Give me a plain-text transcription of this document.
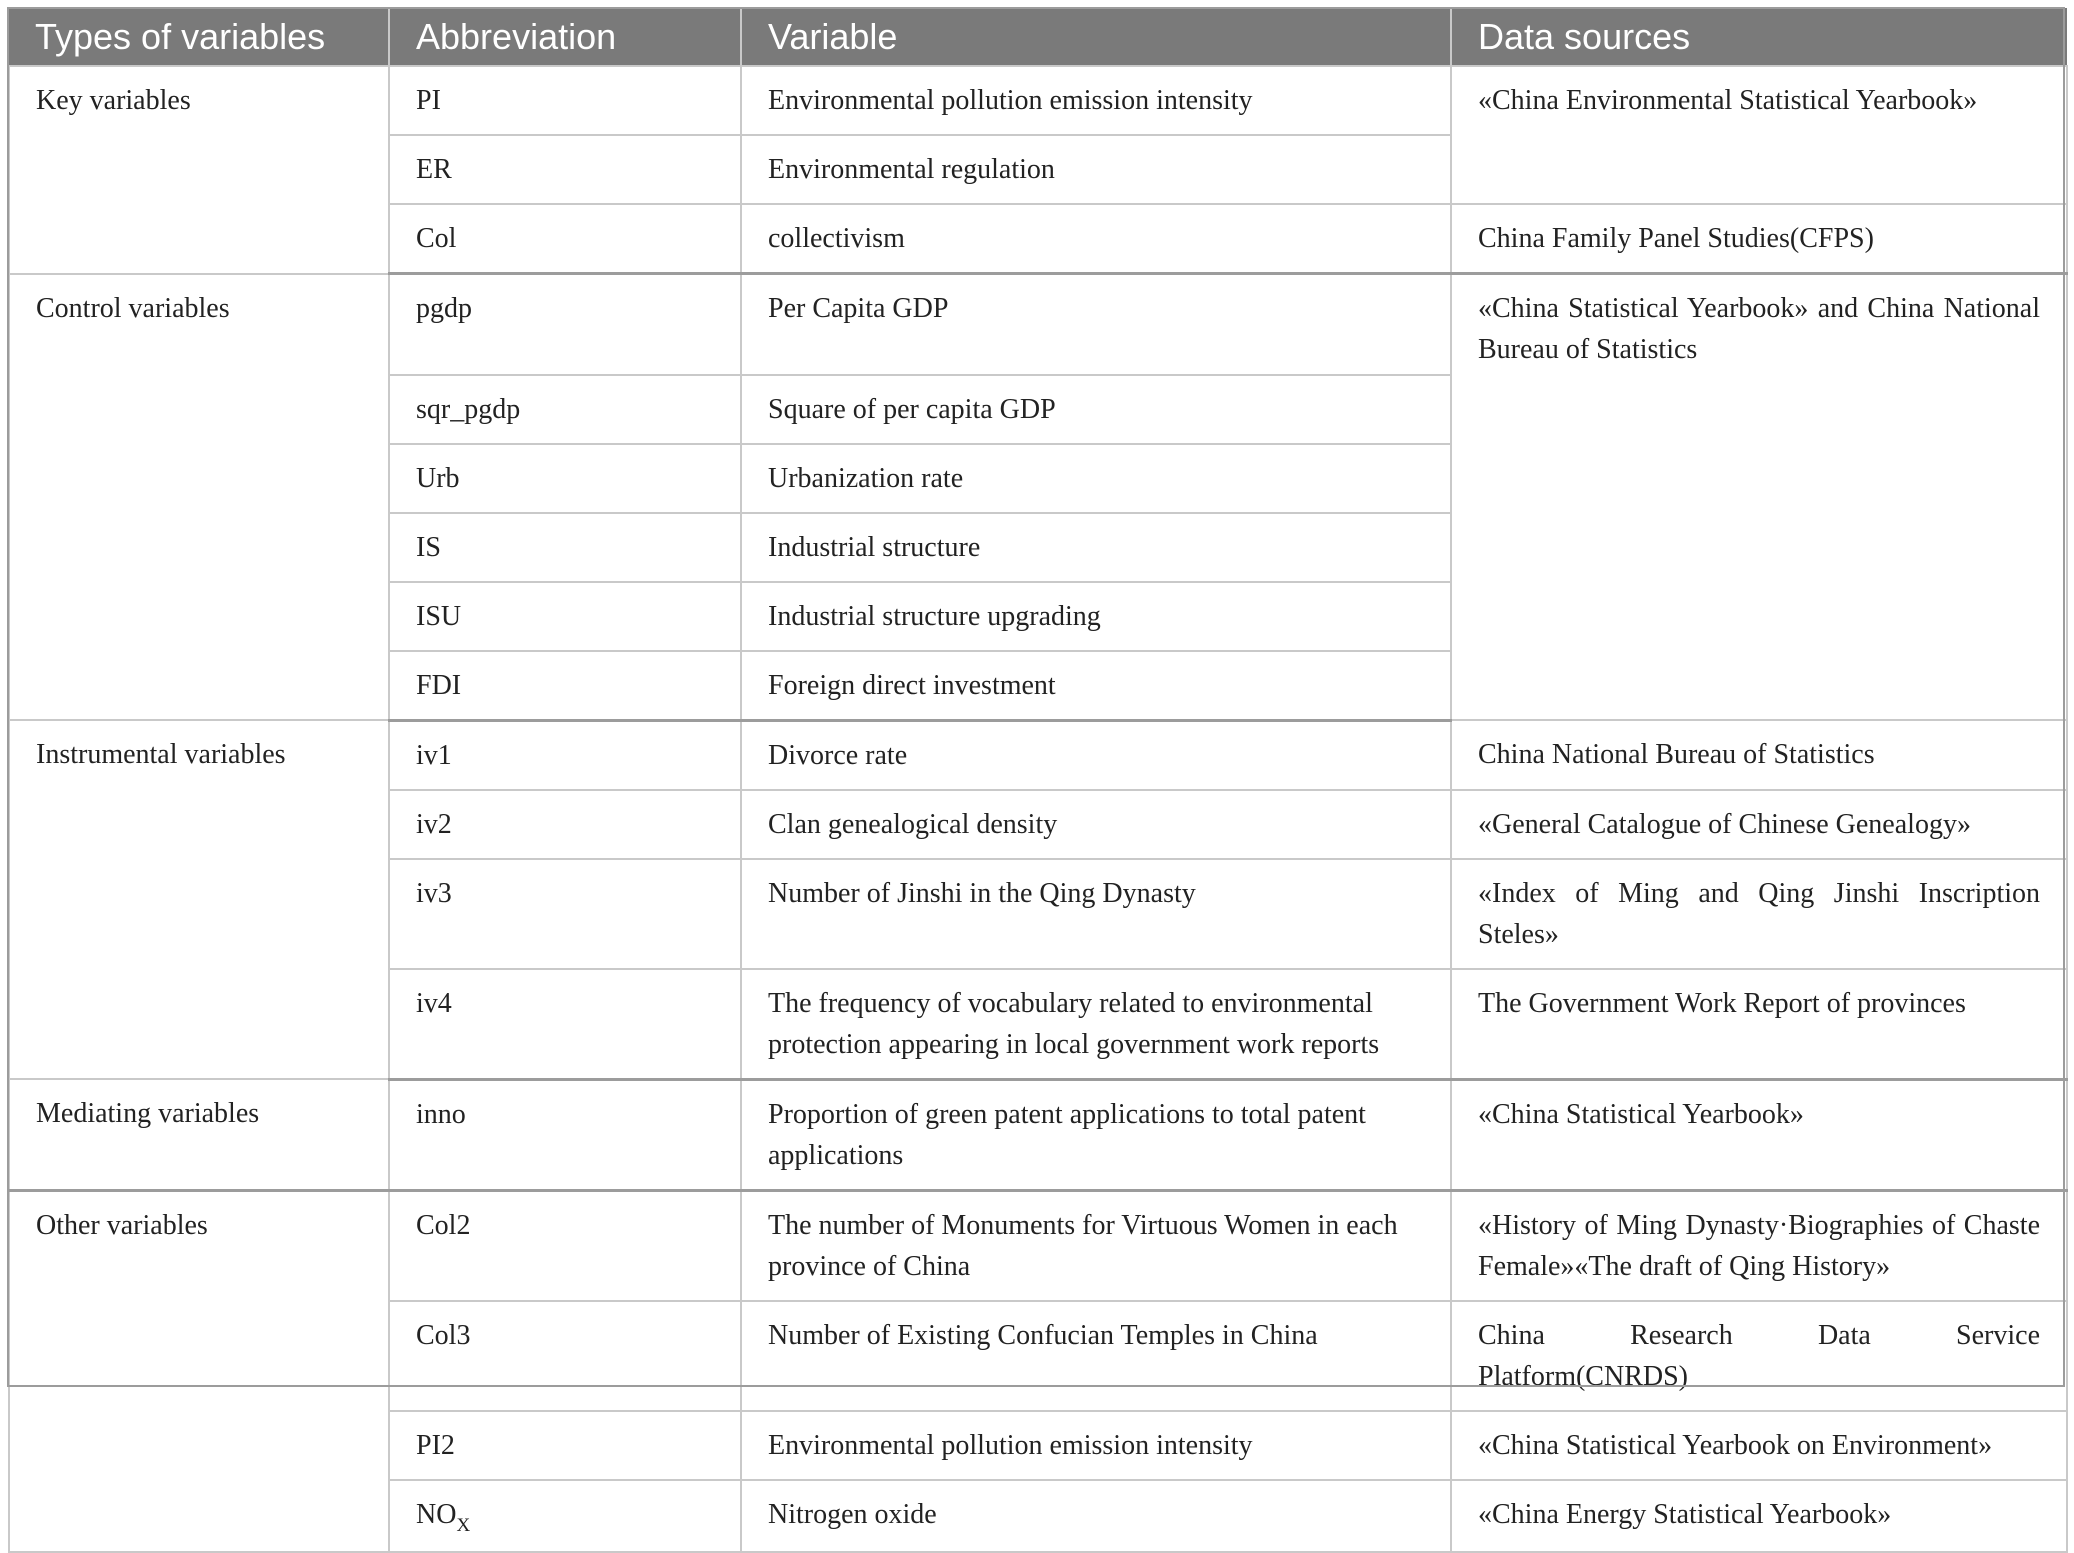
Types of variables	Abbreviation	Variable	Data sources
Key variables	PI	Environmental pollution emission intensity	«China Environmental Statistical Yearbook»
	ER	Environmental regulation	
	Col	collectivism	China Family Panel Studies(CFPS)
Control variables	pgdp	Per Capita GDP	«China Statistical Yearbook» and China National Bureau of Statistics
	sqr_pgdp	Square of per capita GDP	
	Urb	Urbanization rate	
	IS	Industrial structure	
	ISU	Industrial structure upgrading	
	FDI	Foreign direct investment	
Instrumental variables	iv1	Divorce rate	China National Bureau of Statistics
	iv2	Clan genealogical density	«General Catalogue of Chinese Genealogy»
	iv3	Number of Jinshi in the Qing Dynasty	«Index of Ming and Qing Jinshi Inscription Steles»
	iv4	The frequency of vocabulary related to environmental protection appearing in local government work reports	The Government Work Report of provinces
Mediating variables	inno	Proportion of green patent applications to total patent applications	«China Statistical Yearbook»
Other variables	Col2	The number of Monuments for Virtuous Women in each province of China	«History of Ming Dynasty·Biographies of Chaste Female»«The draft of Qing History»
	Col3	Number of Existing Confucian Temples in China	China Research Data Service Platform(CNRDS)
	PI2	Environmental pollution emission intensity	«China Statistical Yearbook on Environment»
	$NO_X$	Nitrogen oxide	«China Energy Statistical Yearbook»
